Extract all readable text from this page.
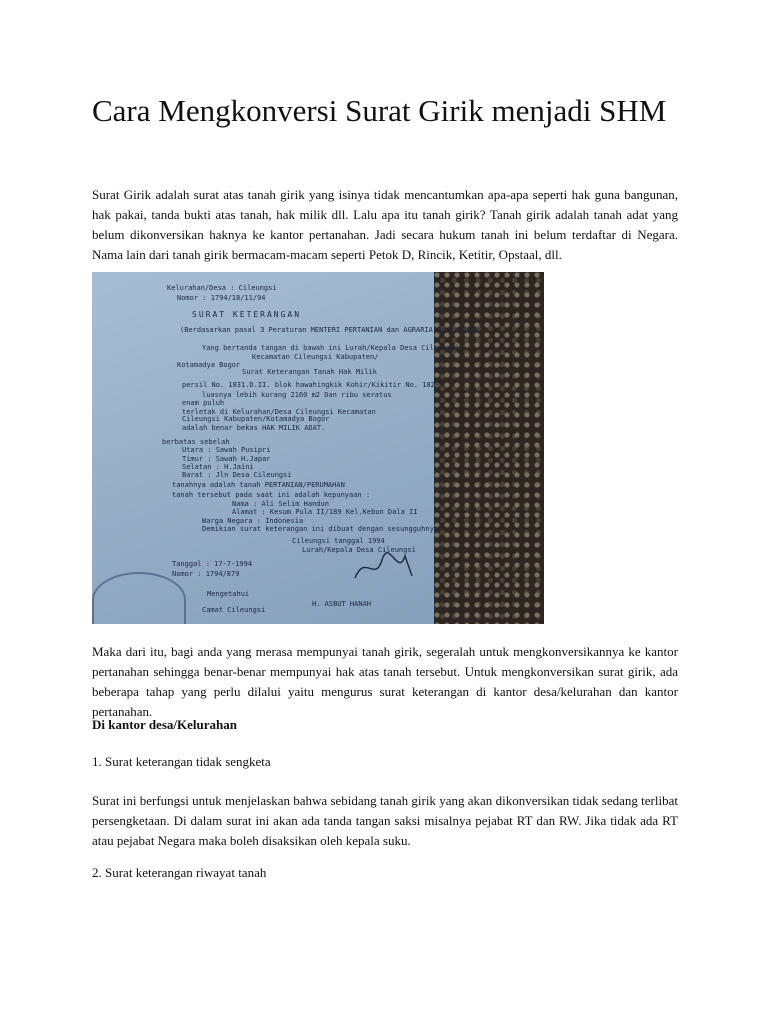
Cara Mengkonversi Surat Girik menjadi SHM

Surat Girik adalah surat atas tanah girik yang isinya tidak mencantumkan apa-apa seperti hak guna bangunan, hak pakai, tanda bukti atas tanah, hak milik dll. Lalu apa itu tanah girik? Tanah girik adalah tanah adat yang belum dikonversikan haknya ke kantor pertanahan. Jadi secara hukum tanah ini belum terdaftar di Negara. Nama lain dari tanah girik bermacam-macam seperti Petok D, Rincik, Ketitir, Opstaal, dll.

Kelurahan/Desa : Cileungsi
Nomor : 1794/18/11/94
SURAT KETERANGAN
(Berdasarkan pasal 3 Peraturan MENTERI PERTANIAN dan AGRARIA No.2/1962)
Yang bertanda tangan di bawah ini Lurah/Kepala Desa Cileungsi
Kecamatan Cileungsi Kabupaten/
Kotamadya Bogor
Surat Keterangan Tanah Hak Milik
persil No. 1831.D.II. blok hawahingkik Kohir/Kikitir No. 1828
luasnya lebih kurang 2160 m2 Dan ribu seratus
enam puluh
terletak di Kelurahan/Desa Cileungsi Kecamatan
Cileungsi Kabupaten/Kotamadya Bogor
adalah benar bekas HAK MILIK ADAT.
berbatas sebelah
Utara : Sawah Pusipri
Timur : Sawah H.Japar
Selatan : H.Jaini
Barat : Jln Desa Cileungsi
tanahnya adalah tanah PERTANIAN/PERUMAHAN
tanah tersebut pada saat ini adalah kepunyaan :
Nama : Ali Selim Handun
Alamat : Kesum Pula II/189 Kel.Kebun Dala II
Warga Negara : Indonesia
Demikian surat keterangan ini dibuat dengan sesungguhnya.
Cileungsi tanggal 1994
Lurah/Kepala Desa Cileungsi
Tanggal : 17-7-1994
Nomor : 1794/879
Mengetahui
Camat Cileungsi
H. ASBUT HANAH

Maka dari itu, bagi anda yang merasa mempunyai tanah girik, segeralah untuk mengkonversikannya ke kantor pertanahan sehingga benar-benar mempunyai hak atas tanah tersebut. Untuk mengkonversikan surat girik, ada beberapa tahap yang perlu dilalui yaitu mengurus surat keterangan di kantor desa/kelurahan dan kantor pertanahan.

Di kantor desa/Kelurahan

1. Surat keterangan tidak sengketa

Surat ini berfungsi untuk menjelaskan bahwa sebidang tanah girik yang akan dikonversikan tidak sedang terlibat persengketaan. Di dalam surat ini akan ada tanda tangan saksi misalnya pejabat RT dan RW. Jika tidak ada RT atau pejabat Negara maka boleh disaksikan oleh kepala suku.

2. Surat keterangan riwayat tanah
